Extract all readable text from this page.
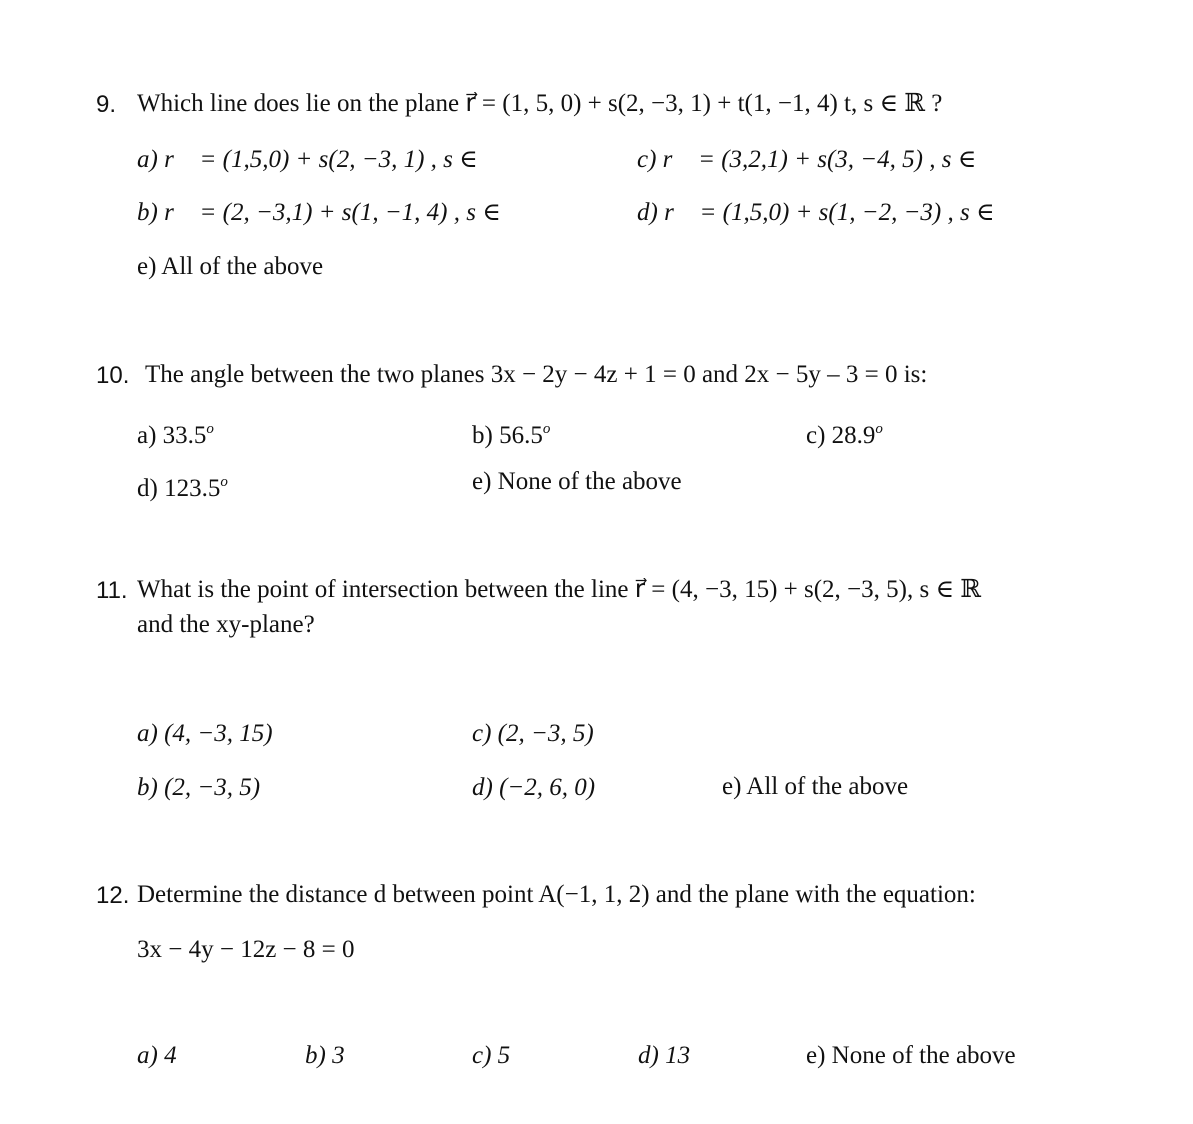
9. Which line does lie on the plane r⃗ = (1, 5, 0) + s(2, −3, 1) + t(1, −1, 4) t, s ∈ ℝ ?
a) r⃗ = (1,5,0) + s(2, −3, 1) , s ∈ ℝ
b) r⃗ = (2, −3,1) + s(1, −1, 4) , s ∈ ℝ
c) r⃗ = (3,2,1) + s(3, −4, 5) , s ∈ ℝ
d) r⃗ = (1,5,0) + s(1, −2, −3) , s ∈ ℝ
e) All of the above
10. The angle between the two planes 3x − 2y − 4z + 1 = 0 and 2x − 5y – 3 = 0 is:
a) 33.5$^o$	b) 56.5$^o$	c) 28.9$^o$
d) 123.5$^o$	e) None of the above
11. What is the point of intersection between the line r⃗ = (4, −3, 15) + s(2, −3, 5), s ∈ ℝ
and the xy-plane?
a) (4, −3, 15)
b) (2, −3, 5)
c) (2, −3, 5)
d) (−2, 6, 0)	e) All of the above
12. Determine the distance d between point A(−1, 1, 2) and the plane with the equation:
3x − 4y − 12z − 8 = 0
a) 4	b) 3	c) 5	d) 13	e) None of the above
